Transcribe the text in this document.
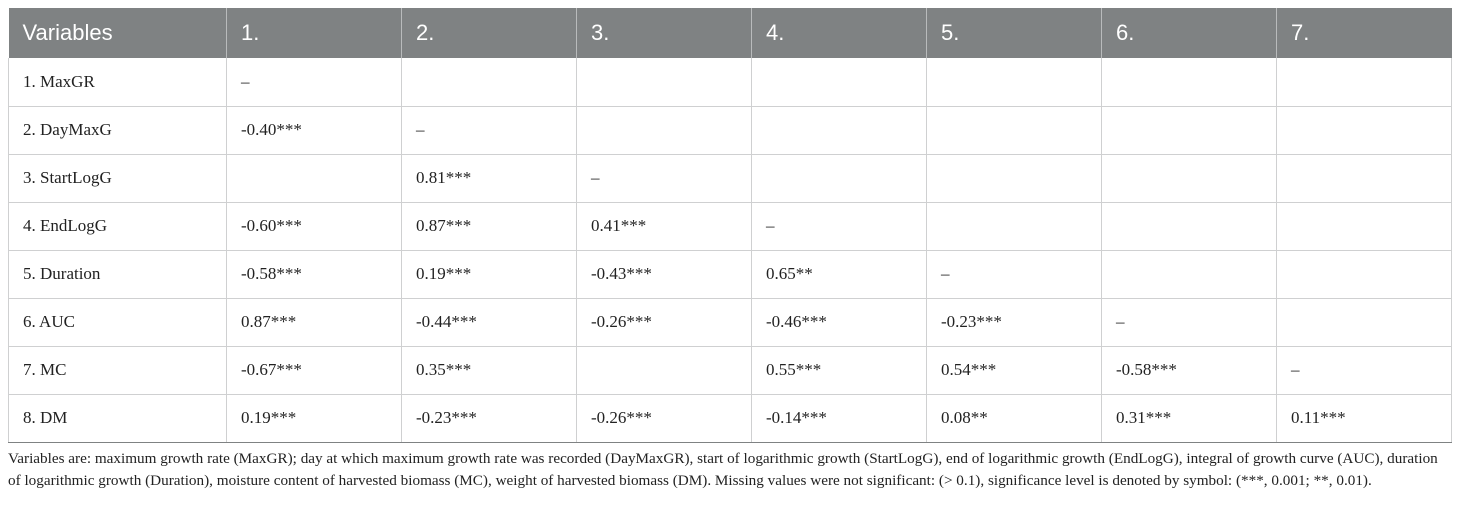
Variables	1.	2.	3.	4.	5.	6.	7.
1. MaxGR	–						
2. DayMaxG	-0.40***	–					
3. StartLogG		0.81***	–				
4. EndLogG	-0.60***	0.87***	0.41***	–			
5. Duration	-0.58***	0.19***	-0.43***	0.65**	–		
6. AUC	0.87***	-0.44***	-0.26***	-0.46***	-0.23***	–	
7. MC	-0.67***	0.35***		0.55***	0.54***	-0.58***	–
8. DM	0.19***	-0.23***	-0.26***	-0.14***	0.08**	0.31***	0.11***
Variables are: maximum growth rate (MaxGR); day at which maximum growth rate was recorded (DayMaxGR), start of logarithmic growth (StartLogG), end of logarithmic growth (EndLogG), integral of growth curve (AUC), duration of logarithmic growth (Duration), moisture content of harvested biomass (MC), weight of harvested biomass (DM). Missing values were not significant: (> 0.1), significance level is denoted by symbol: (***, 0.001; **, 0.01).
